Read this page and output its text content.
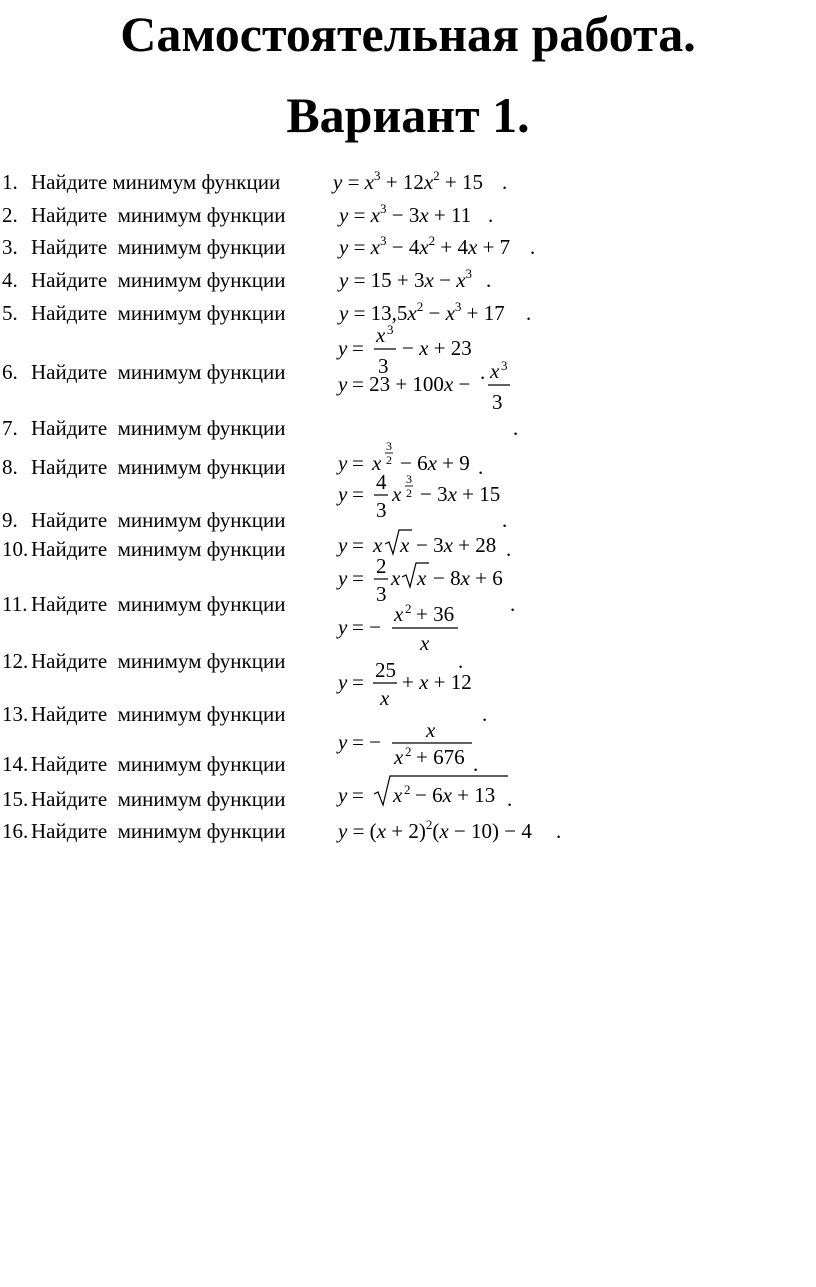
Самостоятельная работа.
Вариант 1.
1. Найдите минимум функции	$y = x^3 + 12x^2 + 15$ .
2. Найдите  минимум функции	$y = x^3 - 3x + 11$ .
3. Найдите  минимум функции	$y = x^3 - 4x^2 + 4x + 7$ .
4. Найдите  минимум функции	$y = 15 + 3x - x^3$ .
5. Найдите  минимум функции	$y = 13,5x^2 - x^3 + 17$ .
6. Найдите  минимум функции
y =
x 3
3
− x + 23
.
7. Найдите  минимум функции
y = 23 + 100x −
x 3
3
.
8. Найдите  минимум функции	y = x
3
2 − 6x + 9 .
9. Найдите  минимум функции
y = 4
3
x
3
2 − 3x + 15
.
10. Найдите  минимум функции	y = x x − 3x + 28 .
11. Найдите  минимум функции
y = 2
3
x x − 8x + 6
.
12. Найдите  минимум функции
y = −
x 2 + 36
x
.
13. Найдите  минимум функции
y = 25
x
+ x + 12
.
14. Найдите  минимум функции
y = − x
x 2 + 676 .
15. Найдите  минимум функции	y = x 2 − 6x + 13 .
16. Найдите  минимум функции	$y = (x + 2)^2(x - 10) - 4$ .
